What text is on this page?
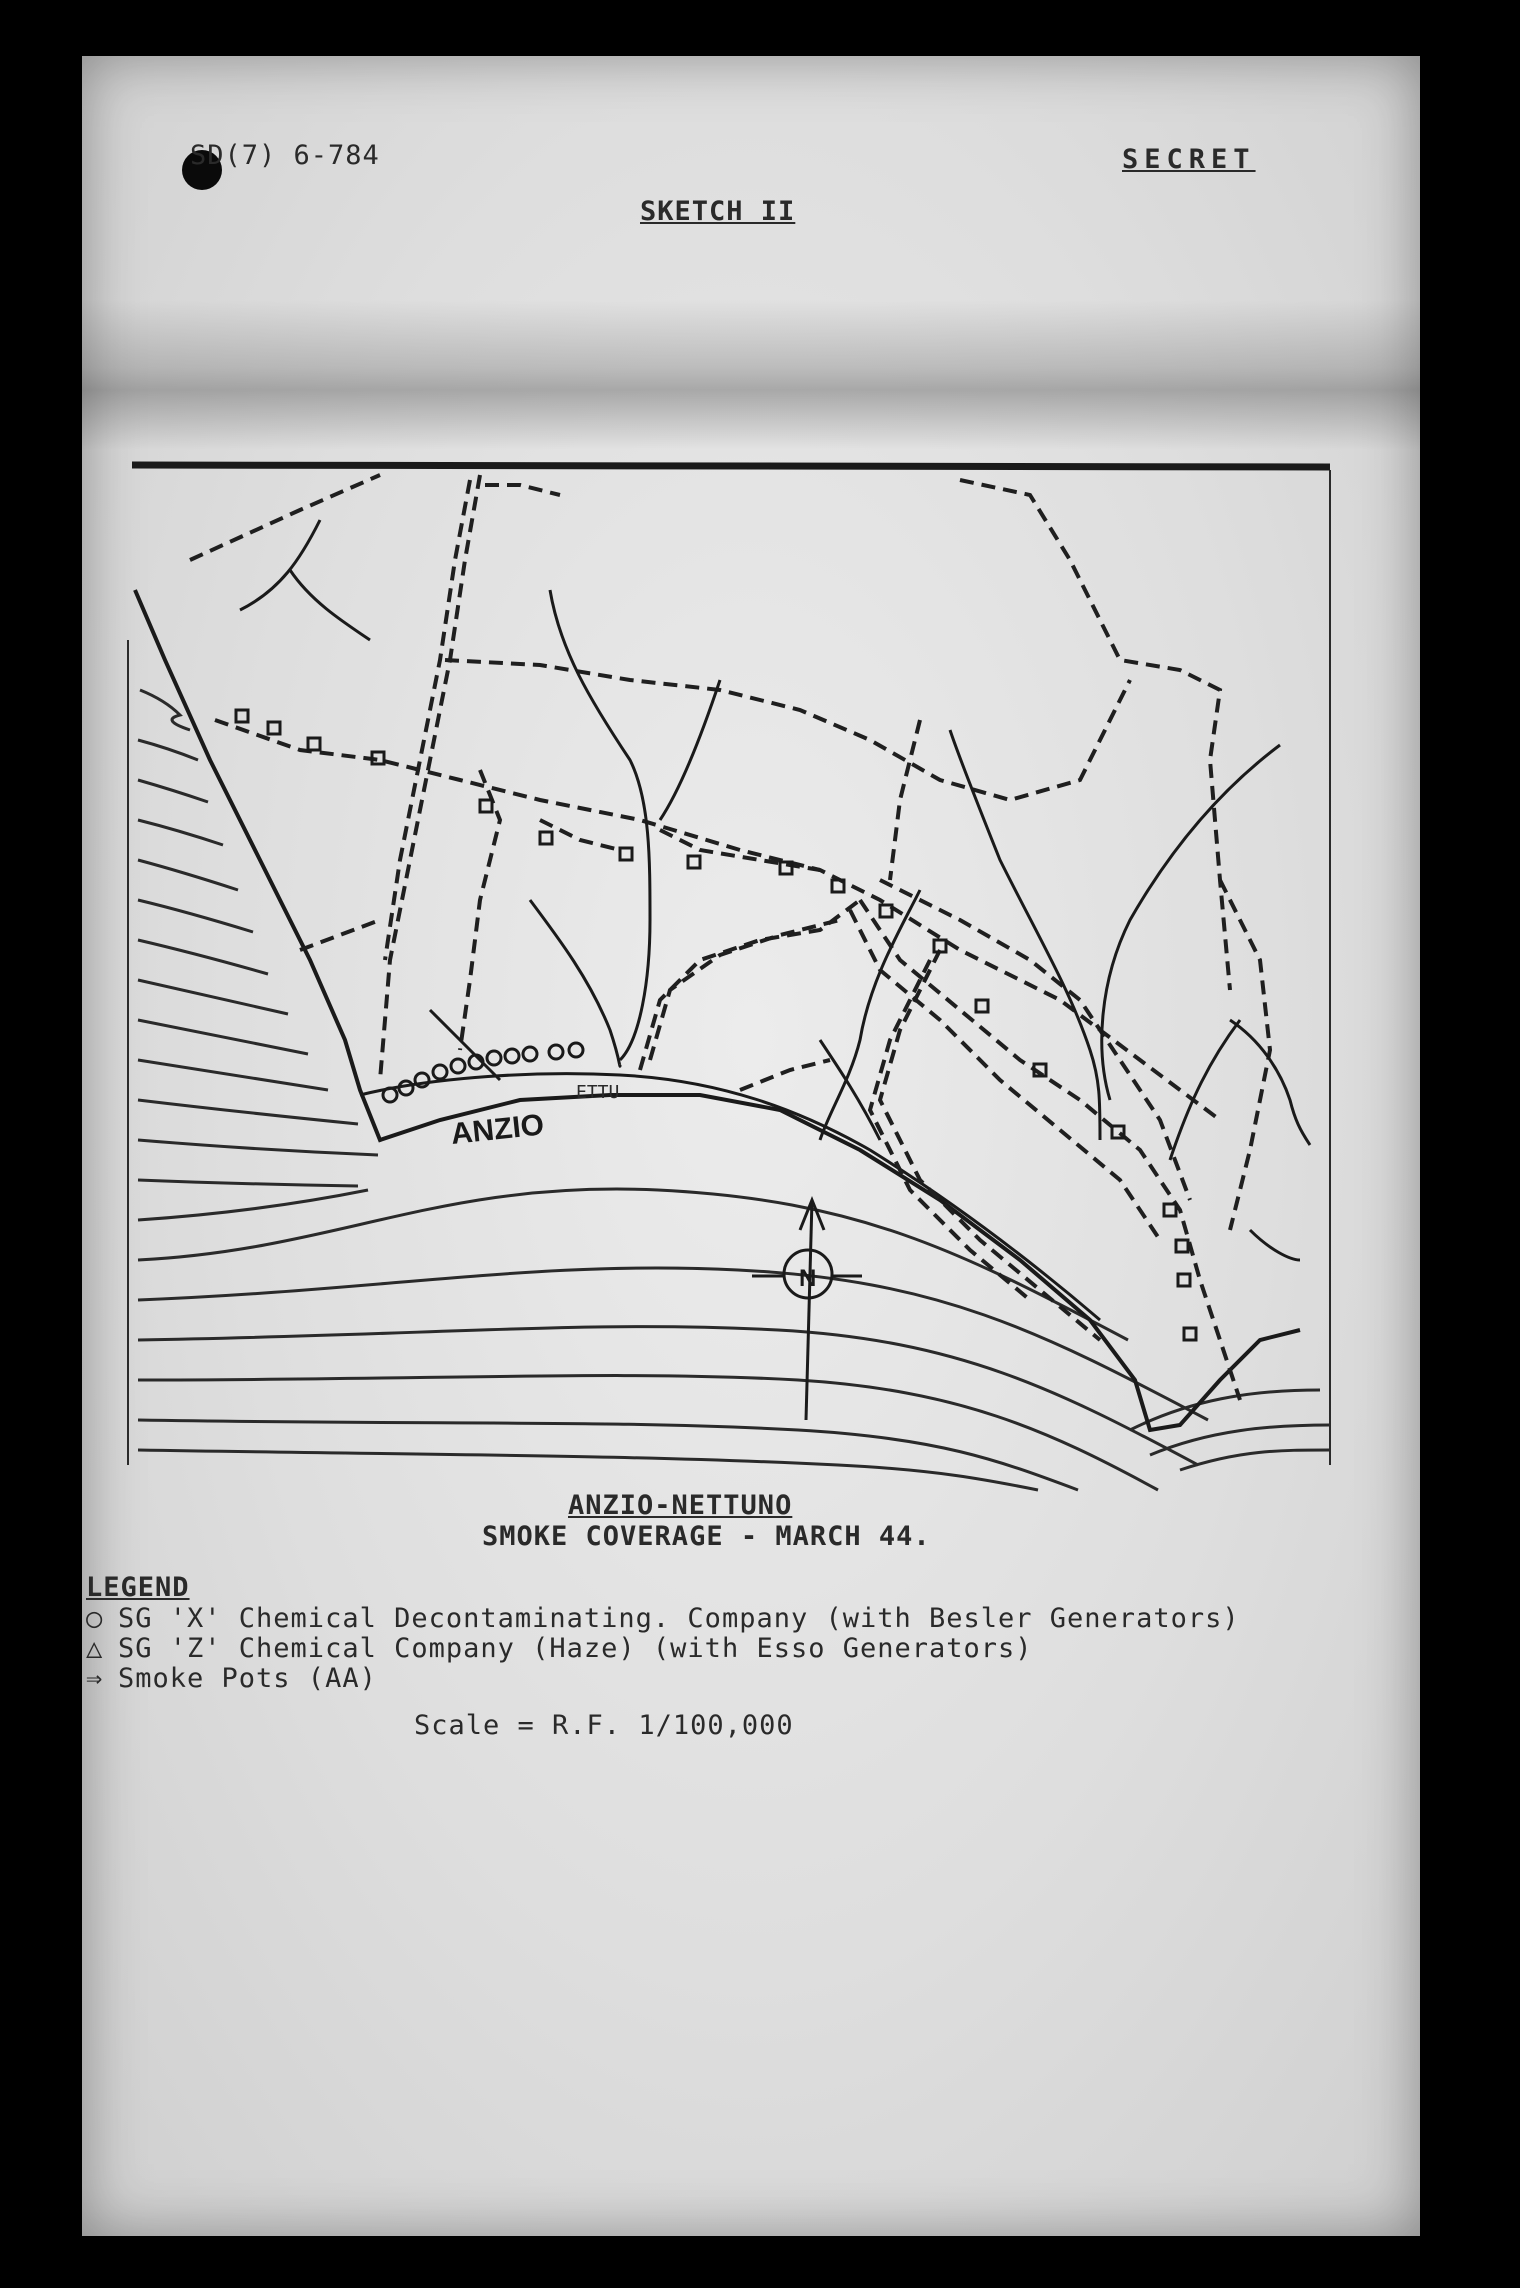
SD(7) 6-784	SECRET
SKETCH II
N
ANZIO
ETTU
ANZIO-NETTUNO
SMOKE COVERAGE - MARCH 44.
LEGEND
○ SG 'X' Chemical Decontaminating. Company (with Besler Generators)
△ SG 'Z' Chemical Company (Haze) (with Esso Generators)
⇒ Smoke Pots (AA)
Scale = R.F. 1/100,000
